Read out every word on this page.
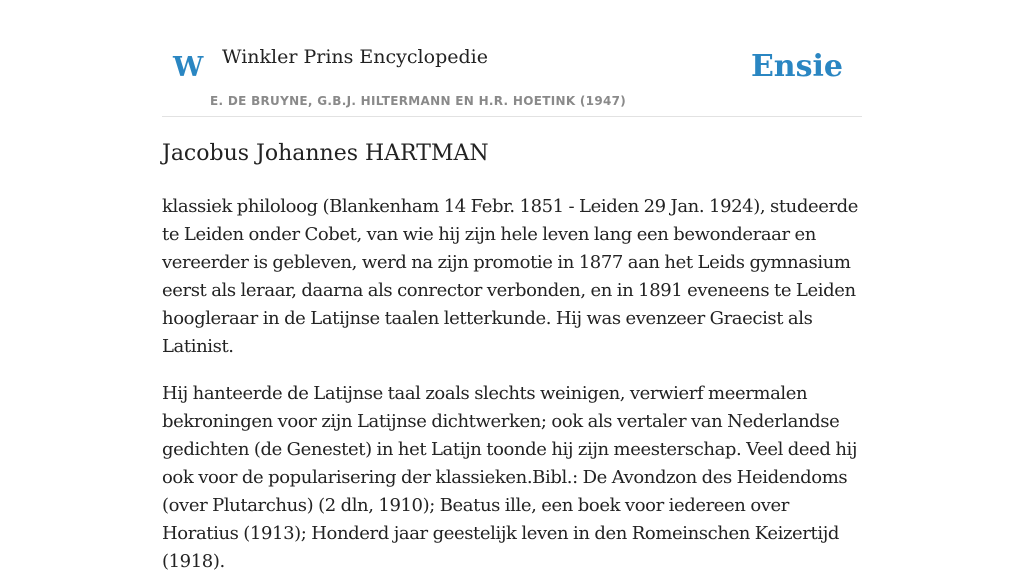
W Winkler Prins Encyclopedie
E. DE BRUYNE, G.B.J. HILTERMANN EN H.R. HOETINK (1947)
Ensie
Jacobus Johannes HARTMAN

klassiek philoloog (Blankenham 14 Febr. 1851 - Leiden 29 Jan. 1924), studeerde te Leiden onder Cobet, van wie hij zijn hele leven lang een bewonderaar en vereerder is gebleven, werd na zijn promotie in 1877 aan het Leids gymnasium eerst als leraar, daarna als conrector verbonden, en in 1891 eveneens te Leiden hoogleraar in de Latijnse taalen letterkunde. Hij was evenzeer Graecist als Latinist.

Hij hanteerde de Latijnse taal zoals slechts weinigen, verwierf meermalen bekroningen voor zijn Latijnse dichtwerken; ook als vertaler van Nederlandse gedichten (de Genestet) in het Latijn toonde hij zijn meesterschap. Veel deed hij ook voor de popularisering der klassieken.Bibl.: De Avondzon des Heidendoms (over Plutarchus) (2 dln, 1910); Beatus ille, een boek voor iedereen over Horatius (1913); Honderd jaar geestelijk leven in den Romeinschen Keizertijd (1918).
